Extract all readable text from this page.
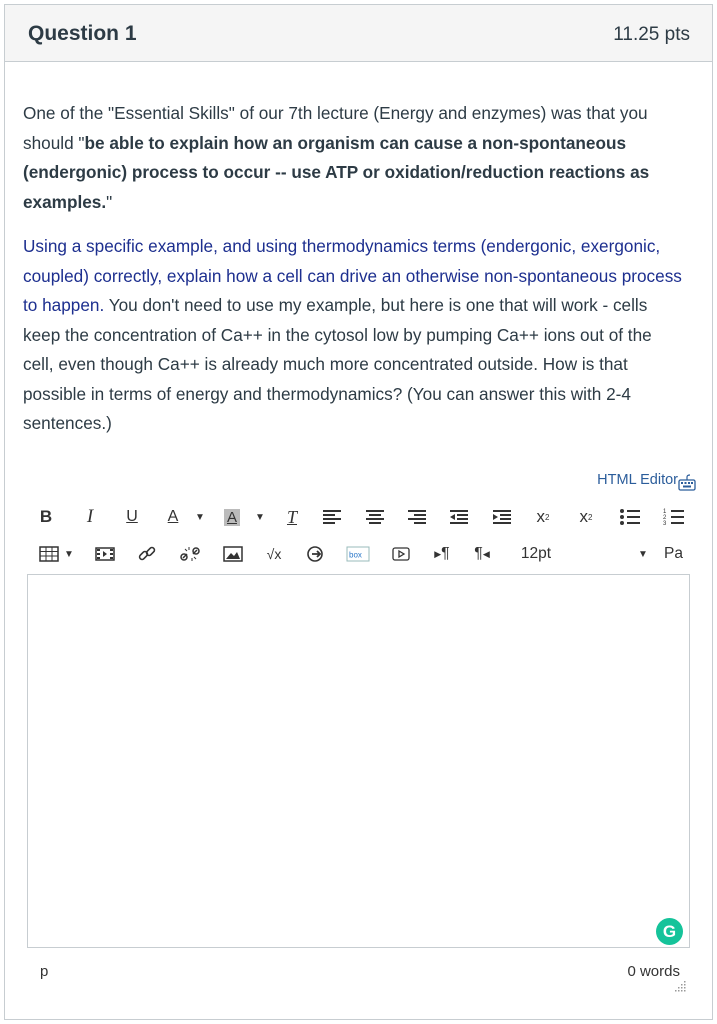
Question 1	11.25 pts

One of the "Essential Skills" of our 7th lecture (Energy and enzymes) was that you should "be able to explain how an organism can cause a non-spontaneous (endergonic) process to occur -- use ATP or oxidation/reduction reactions as examples."

Using a specific example, and using thermodynamics terms (endergonic, exergonic, coupled) correctly, explain how a cell can drive an otherwise non-spontaneous process to happen. You don't need to use my example, but here is one that will work - cells keep the concentration of Ca++ in the cytosol low by pumping Ca++ ions out of the cell, even though Ca++ is already much more concentrated outside. How is that possible in terms of energy and thermodynamics? (You can answer this with 2-4 sentences.)

HTML Editor
B	I	U	A	▼ A	▼	T	x 2 x 2
1
2
3
▼	√x	box	▶ ¶ ¶ ◀	12pt	▼ Pa
G
p	0 words
